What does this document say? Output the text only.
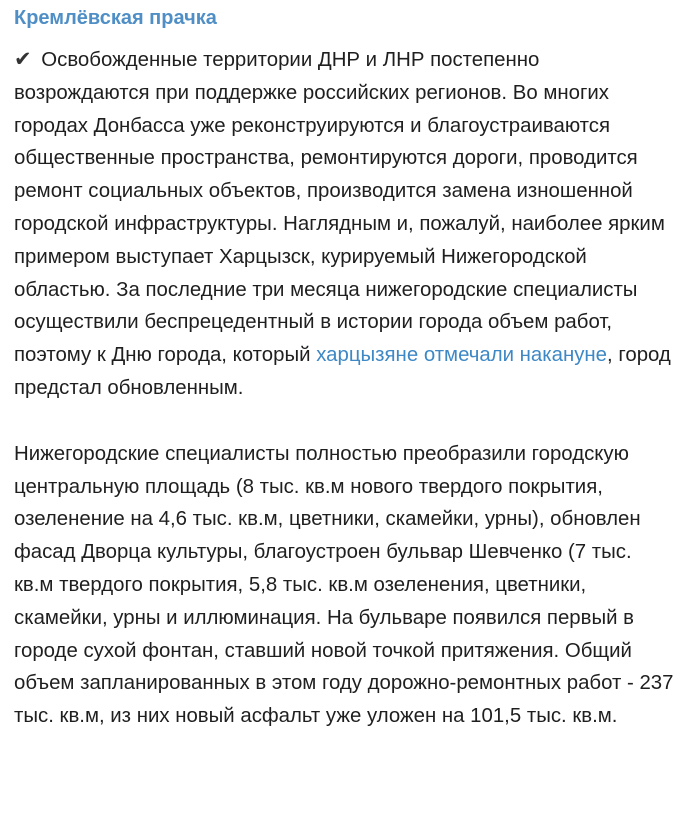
Кремлёвская прачка

✔ Освобожденные территории ДНР и ЛНР постепенно возрождаются при поддержке российских регионов. Во многих городах Донбасса уже реконструируются и благоустраиваются общественные пространства, ремонтируются дороги, проводится ремонт социальных объектов, производится замена изношенной городской инфраструктуры. Наглядным и, пожалуй, наиболее ярким примером выступает Харцызск, курируемый Нижегородской областью. За последние три месяца нижегородские специалисты осуществили беспрецедентный в истории города объем работ, поэтому к Дню города, который харцызяне отмечали накануне, город предстал обновленным.

Нижегородские специалисты полностью преобразили городскую центральную площадь (8 тыс. кв.м нового твердого покрытия, озеленение на 4,6 тыс. кв.м, цветники, скамейки, урны), обновлен фасад Дворца культуры, благоустроен бульвар Шевченко (7 тыс. кв.м твердого покрытия, 5,8 тыс. кв.м озеленения, цветники, скамейки, урны и иллюминация. На бульваре появился первый в городе сухой фонтан, ставший новой точкой притяжения. Общий объем запланированных в этом году дорожно-ремонтных работ - 237 тыс. кв.м, из них новый асфальт уже уложен на 101,5 тыс. кв.м.
